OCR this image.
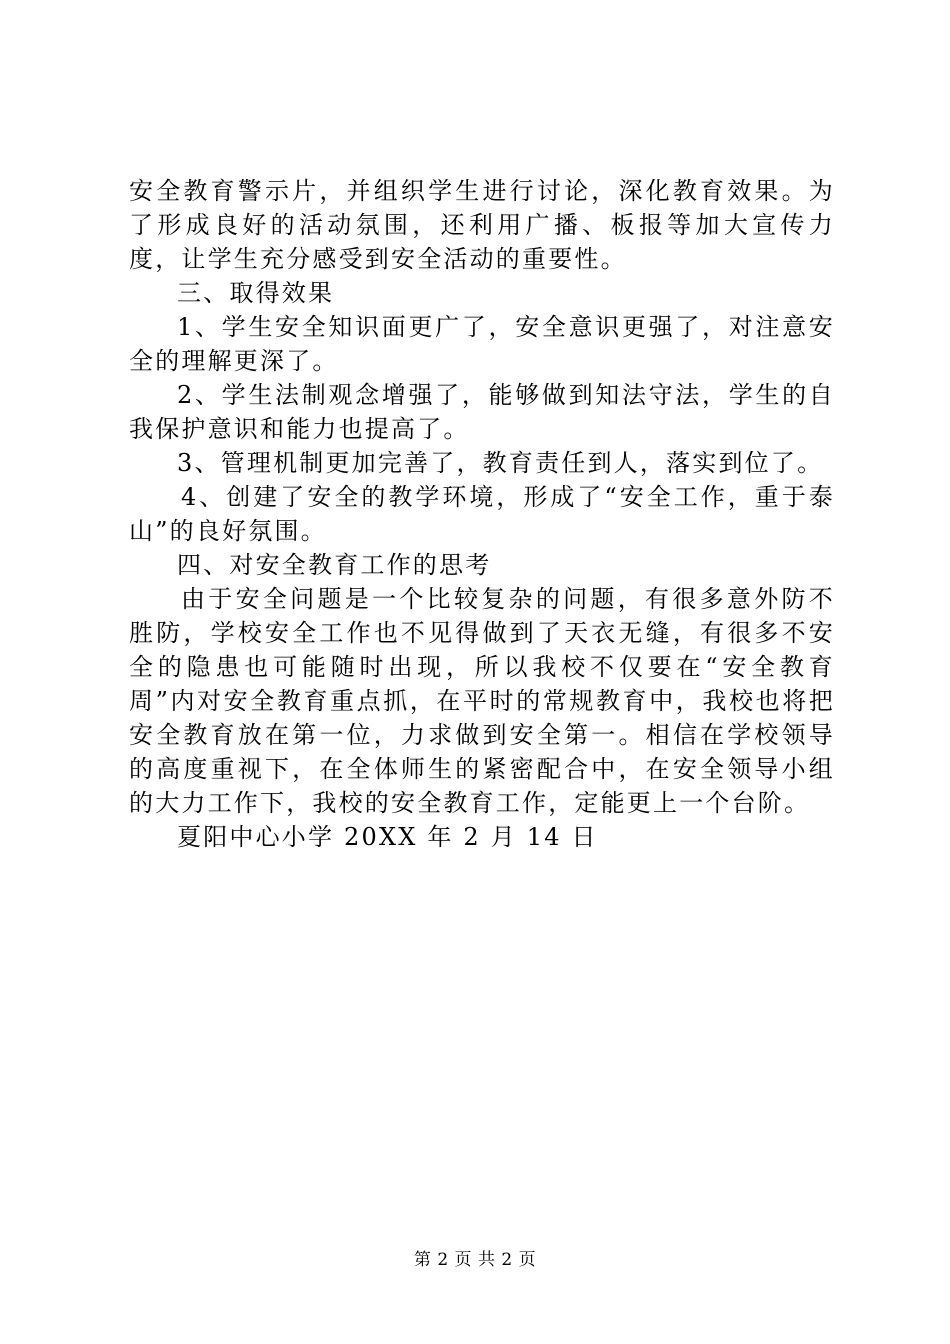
安全教育警示片，并组织学生进行讨论，深化教育效果。为了形成良好的活动氛围，还利用广播、板报等加大宣传力度，让学生充分感受到安全活动的重要性。

三、取得效果

1、学生安全知识面更广了，安全意识更强了，对注意安全的理解更深了。

2、学生法制观念增强了，能够做到知法守法，学生的自我保护意识和能力也提高了。

3、管理机制更加完善了，教育责任到人，落实到位了。

4、创建了安全的教学环境，形成了“安全工作，重于泰山”的良好氛围。

四、对安全教育工作的思考

由于安全问题是一个比较复杂的问题，有很多意外防不胜防，学校安全工作也不见得做到了天衣无缝，有很多不安全的隐患也可能随时出现，所以我校不仅要在“安全教育周”内对安全教育重点抓，在平时的常规教育中，我校也将把安全教育放在第一位，力求做到安全第一。相信在学校领导的高度重视下，在全体师生的紧密配合中，在安全领导小组的大力工作下，我校的安全教育工作，定能更上一个台阶。

夏阳中心小学 20XX 年 2 月 14 日

第 2 页 共 2 页
